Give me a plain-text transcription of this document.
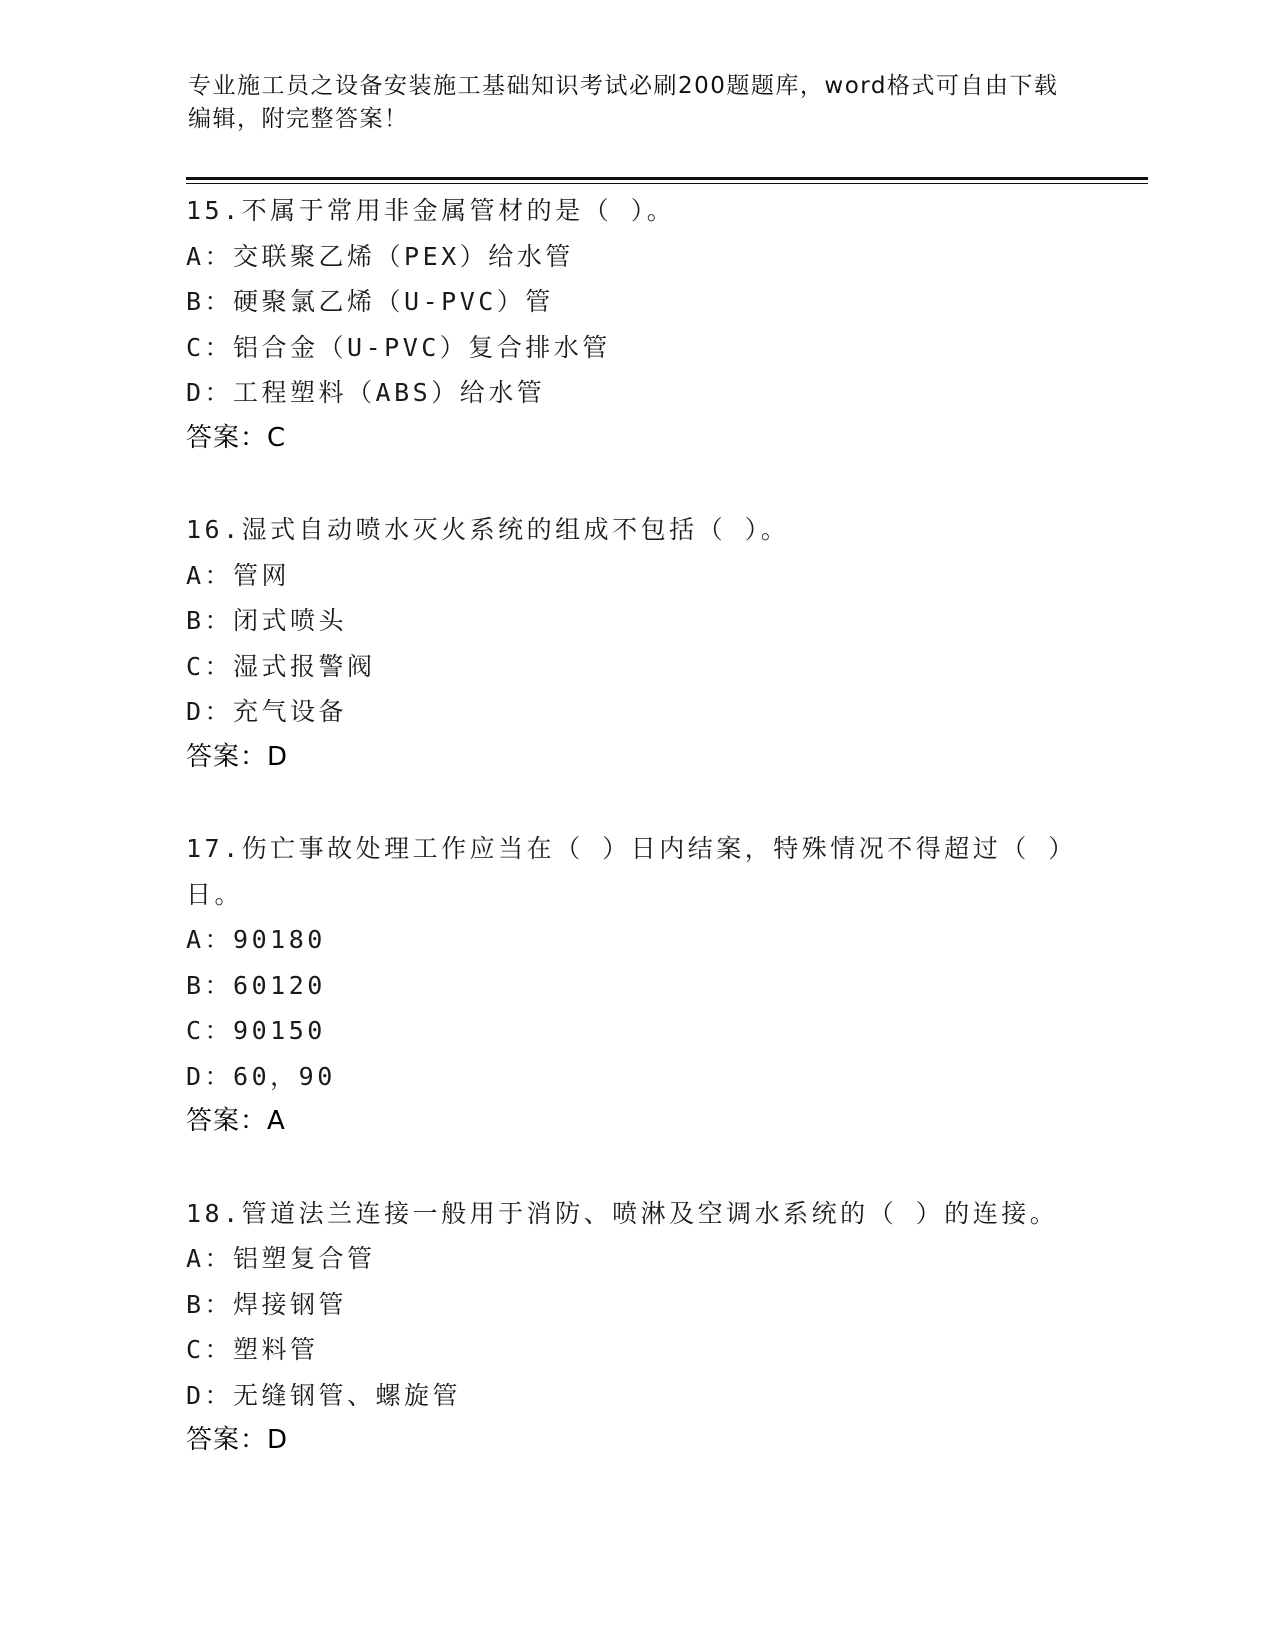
专业施工员之设备安装施工基础知识考试必刷200题题库，word格式可自由下载编辑，附完整答案！
15.不属于常用非金属管材的是（ ）。
A：交联聚乙烯（PEX）给水管
B：硬聚氯乙烯（U-PVC）管
C：铝合金（U-PVC）复合排水管
D：工程塑料（ABS）给水管
答案：C
16.湿式自动喷水灭火系统的组成不包括（ ）。
A：管网
B：闭式喷头
C：湿式报警阀
D：充气设备
答案：D
17.伤亡事故处理工作应当在（ ）日内结案，特殊情况不得超过（ ）日。
A：90180
B：60120
C：90150
D：60，90
答案：A
18.管道法兰连接一般用于消防、喷淋及空调水系统的（ ）的连接。
A：铝塑复合管
B：焊接钢管
C：塑料管
D：无缝钢管、螺旋管
答案：D
